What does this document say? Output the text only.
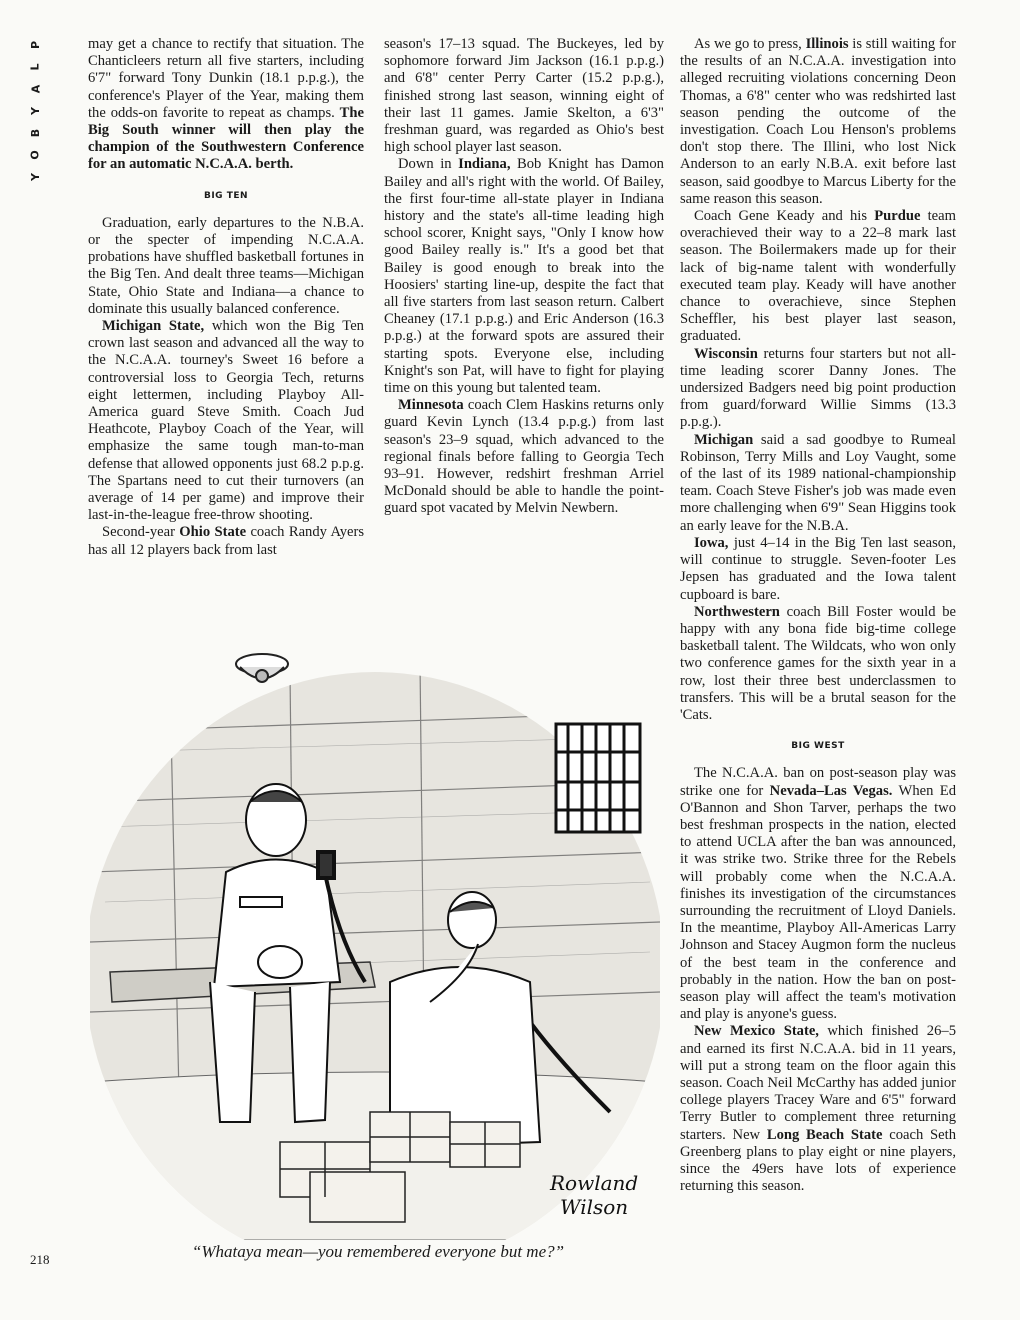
P
L
A
Y
B
O
Y

may get a chance to rectify that situation. The Chanticleers return all five starters, including 6'7" forward Tony Dunkin (18.1 p.p.g.), the conference's Player of the Year, making them the odds-on favorite to repeat as champs. The Big South winner will then play the champion of the Southwestern Conference for an automatic N.C.A.A. berth.

BIG TEN

Graduation, early departures to the N.B.A. or the specter of impending N.C.A.A. probations have shuffled basketball fortunes in the Big Ten. And dealt three teams—Michigan State, Ohio State and Indiana—a chance to dominate this usually balanced conference.

Michigan State, which won the Big Ten crown last season and advanced all the way to the N.C.A.A. tourney's Sweet 16 before a controversial loss to Georgia Tech, returns eight lettermen, including Playboy All-America guard Steve Smith. Coach Jud Heathcote, Playboy Coach of the Year, will emphasize the same tough man-to-man defense that allowed opponents just 68.2 p.p.g. The Spartans need to cut their turnovers (an average of 14 per game) and improve their last-in-the-league free-throw shooting.

Second-year Ohio State coach Randy Ayers has all 12 players back from last

season's 17–13 squad. The Buckeyes, led by sophomore forward Jim Jackson (16.1 p.p.g.) and 6'8" center Perry Carter (15.2 p.p.g.), finished strong last season, winning eight of their last 11 games. Jamie Skelton, a 6'3" freshman guard, was regarded as Ohio's best high school player last season.

Down in Indiana, Bob Knight has Damon Bailey and all's right with the world. Of Bailey, the first four-time all-state player in Indiana history and the state's all-time leading high school scorer, Knight says, "Only I know how good Bailey really is." It's a good bet that Bailey is good enough to break into the Hoosiers' starting line-up, despite the fact that all five starters from last season return. Calbert Cheaney (17.1 p.p.g.) and Eric Anderson (16.3 p.p.g.) at the forward spots are assured their starting spots. Everyone else, including Knight's son Pat, will have to fight for playing time on this young but talented team.

Minnesota coach Clem Haskins returns only guard Kevin Lynch (13.4 p.p.g.) from last season's 23–9 squad, which advanced to the regional finals before falling to Georgia Tech 93–91. However, redshirt freshman Arriel McDonald should be able to handle the point-guard spot vacated by Melvin Newbern.

As we go to press, Illinois is still waiting for the results of an N.C.A.A. investigation into alleged recruiting violations concerning Deon Thomas, a 6'8" center who was redshirted last season pending the outcome of the investigation. Coach Lou Henson's problems don't stop there. The Illini, who lost Nick Anderson to an early N.B.A. exit before last season, said goodbye to Marcus Liberty for the same reason this season.

Coach Gene Keady and his Purdue team overachieved their way to a 22–8 mark last season. The Boilermakers made up for their lack of big-name talent with wonderfully executed team play. Keady will have another chance to overachieve, since Stephen Scheffler, his best player last season, graduated.

Wisconsin returns four starters but not all-time leading scorer Danny Jones. The undersized Badgers need big point production from guard/forward Willie Simms (13.3 p.p.g.).

Michigan said a sad goodbye to Rumeal Robinson, Terry Mills and Loy Vaught, some of the last of its 1989 national-championship team. Coach Steve Fisher's job was made even more challenging when 6'9" Sean Higgins took an early leave for the N.B.A.

Iowa, just 4–14 in the Big Ten last season, will continue to struggle. Seven-footer Les Jepsen has graduated and the Iowa talent cupboard is bare.

Northwestern coach Bill Foster would be happy with any bona fide big-time college basketball talent. The Wildcats, who won only two conference games for the sixth year in a row, lost their three best underclassmen to transfers. This will be a brutal season for the 'Cats.

BIG WEST

The N.C.A.A. ban on post-season play was strike one for Nevada–Las Vegas. When Ed O'Bannon and Shon Tarver, perhaps the two best freshman prospects in the nation, elected to attend UCLA after the ban was announced, it was strike two. Strike three for the Rebels will probably come when the N.C.A.A. finishes its investigation of the circumstances surrounding the recruitment of Lloyd Daniels. In the meantime, Playboy All-Americas Larry Johnson and Stacey Augmon form the nucleus of the best team in the conference and probably in the nation. How the ban on post-season play will affect the team's motivation and play is anyone's guess.

New Mexico State, which finished 26–5 and earned its first N.C.A.A. bid in 11 years, will put a strong team on the floor again this season. Coach Neil McCarthy has added junior college players Tracey Ware and 6'5" forward Terry Butler to complement three returning starters. New Long Beach State coach Seth Greenberg plans to play eight or nine players, since the 49ers have lots of experience returning this season.

Rowland
Wilson
“Whataya mean—you remembered everyone but me?”
218
